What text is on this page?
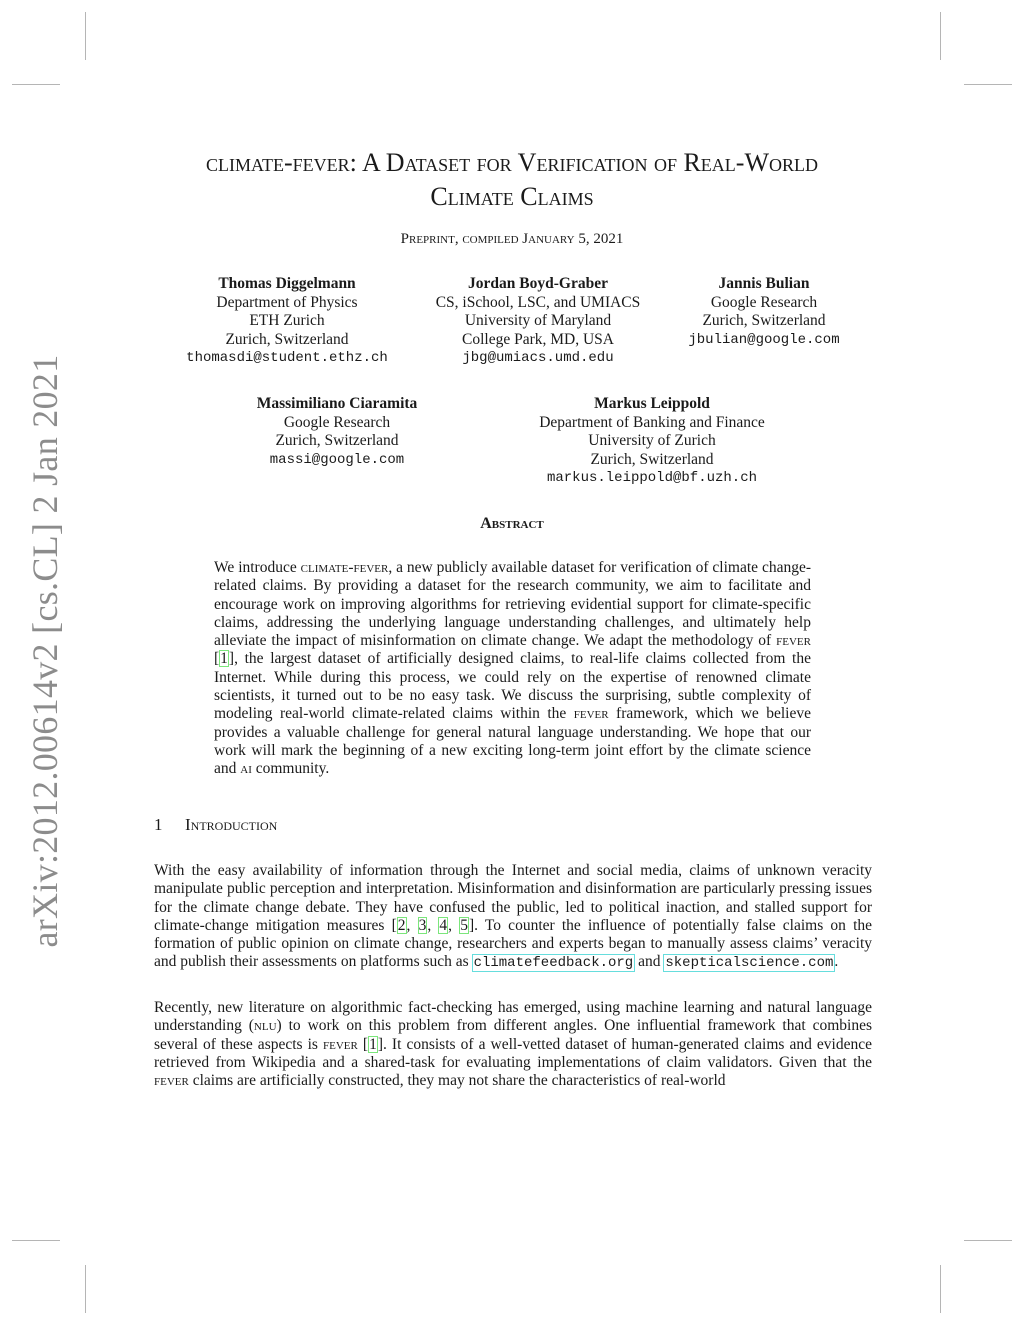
arXiv:2012.00614v2 [cs.CL] 2 Jan 2021
climate-fever: A Dataset for Verification of Real-World
Climate Claims
Preprint, compiled January 5, 2021
Thomas Diggelmann
Department of Physics
ETH Zurich
Zurich, Switzerland
thomasdi@student.ethz.ch
Jordan Boyd-Graber
CS, iSchool, LSC, and UMIACS
University of Maryland
College Park, MD, USA
jbg@umiacs.umd.edu
Jannis Bulian
Google Research
Zurich, Switzerland
jbulian@google.com
Massimiliano Ciaramita
Google Research
Zurich, Switzerland
massi@google.com
Markus Leippold
Department of Banking and Finance
University of Zurich
Zurich, Switzerland
markus.leippold@bf.uzh.ch
Abstract
We introduce climate-fever, a new publicly available dataset for verification of climate change-related claims. By providing a dataset for the research community, we aim to facilitate and encourage work on improving algorithms for retrieving evidential support for climate-specific claims, addressing the underlying language understanding challenges, and ultimately help alleviate the impact of misinformation on climate change. We adapt the methodology of fever [1], the largest dataset of artificially designed claims, to real-life claims collected from the Internet. While during this process, we could rely on the expertise of renowned climate scientists, it turned out to be no easy task. We discuss the surprising, subtle complexity of modeling real-world climate-related claims within the fever framework, which we believe provides a valuable challenge for general natural language understanding. We hope that our work will mark the beginning of a new exciting long-term joint effort by the climate science and ai community.
1 Introduction
With the easy availability of information through the Internet and social media, claims of unknown veracity manipulate public perception and interpretation. Misinformation and disinformation are particularly pressing issues for the climate change debate. They have confused the public, led to political inaction, and stalled support for climate-change mitigation measures [2, 3, 4, 5]. To counter the influence of potentially false claims on the formation of public opinion on climate change, researchers and experts began to manually assess claims’ veracity and publish their assessments on platforms such as climatefeedback.org and skepticalscience.com.
Recently, new literature on algorithmic fact-checking has emerged, using machine learning and natural language understanding (nlu) to work on this problem from different angles. One influential framework that combines several of these aspects is fever [1]. It consists of a well-vetted dataset of human-generated claims and evidence retrieved from Wikipedia and a shared-task for evaluating implementations of claim validators. Given that the fever claims are artificially constructed, they may not share the characteristics of real-world
